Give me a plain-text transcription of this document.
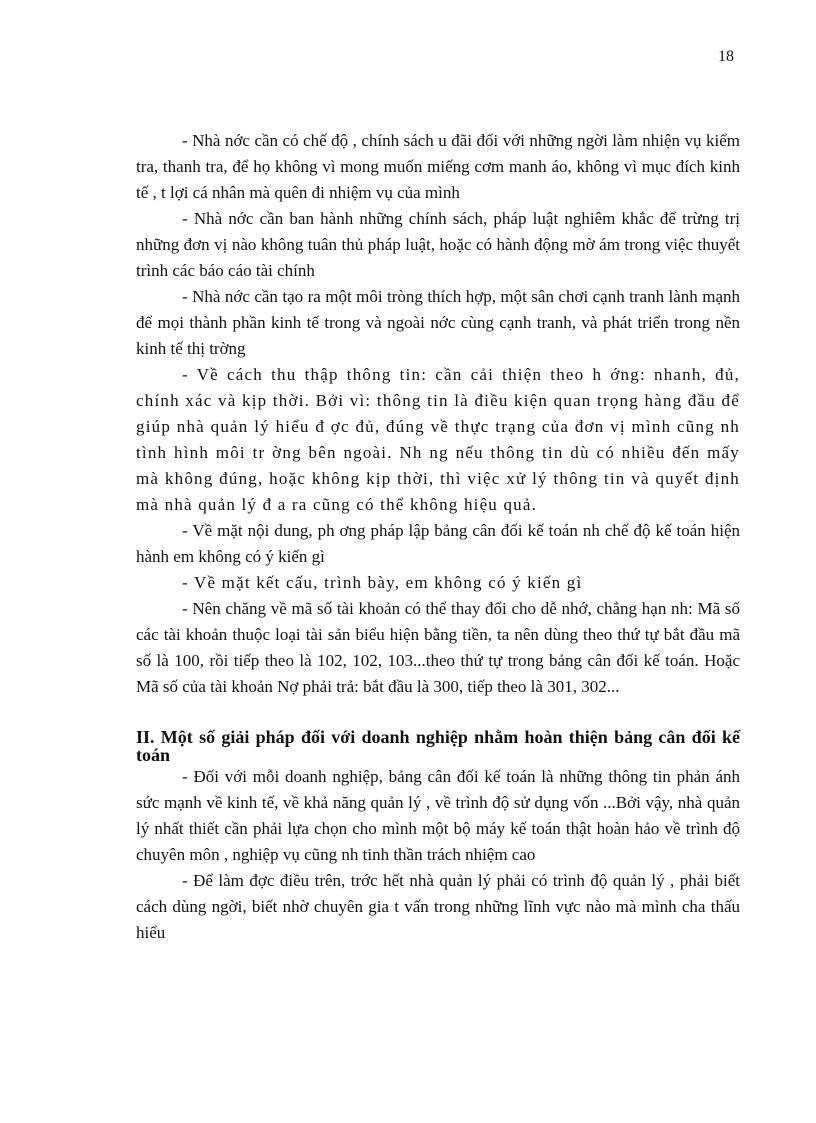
18

- Nhà nớc cần có chế độ , chính sách u đãi đối với những ngời làm nhiện vụ kiểm tra, thanh tra, để họ không vì mong muốn miếng cơm manh áo, không vì mục đích kinh tế , t lợi cá nhân mà quên đi nhiệm vụ của mình

- Nhà nớc cần ban hành những chính sách, pháp luật nghiêm khắc để trừng trị những đơn vị nào không tuân thủ pháp luật, hoặc có hành động mờ ám trong việc thuyết trình các báo cáo tài chính

- Nhà nớc cần tạo ra một môi tròng thích hợp, một sân chơi cạnh tranh lành mạnh để mọi thành phần kinh tế trong và ngoài nớc cùng cạnh tranh, và phát triển trong nền kinh tế thị trờng

- Về cách thu thập thông tin: cần cải thiện theo h ớng: nhanh, đủ, chính xác và kịp thời. Bởi vì: thông tin là điều kiện quan trọng hàng đầu để giúp nhà quản lý hiểu đ ợc đủ, đúng về thực trạng của đơn vị mình cũng nh tình hình môi tr ờng bên ngoài. Nh ng nếu thông tin dù có nhiều đến mấy mà không đúng, hoặc không kịp thời, thì việc xử lý thông tin và quyết định mà nhà quản lý đ a ra cũng có thể không hiệu quả.

- Về mặt nội dung, ph ơng pháp lập bảng cân đối kế toán nh chế độ kế toán hiện hành em không có ý kiến gì

- Về mặt kết cấu, trình bày, em không có ý kiến gì

- Nên chăng về mã số tài khoản có thể thay đổi cho dễ nhớ, chẳng hạn nh: Mã số các tài khoản thuộc loại tài sản biểu hiện bằng tiền, ta nên dùng theo thứ tự bắt đầu mã số là 100, rồi tiếp theo là 102, 102, 103...theo thứ tự trong bảng cân đối kế toán. Hoặc Mã số của tài khoản Nợ phải trả: bắt đầu là 300, tiếp theo là 301, 302...

II. Một số giải pháp đối với doanh nghiệp nhằm hoàn thiện bảng cân đối kế toán

- Đối với mỗi doanh nghiệp, bảng cân đối kế toán là những thông tin phản ánh sức mạnh về kinh tế, về khả năng quản lý , về trình độ sử dụng vốn ...Bởi vậy, nhà quản lý nhất thiết cần phải lựa chọn cho mình một bộ máy kế toán thật hoàn hảo về trình độ chuyên môn , nghiệp vụ cũng nh tinh thần trách nhiệm cao

- Để làm đợc điều trên, trớc hết nhà quản lý phải có trình độ quản lý , phải biết cách dùng ngời, biết nhờ chuyên gia t vấn trong những lĩnh vực nào mà mình cha thấu hiểu
